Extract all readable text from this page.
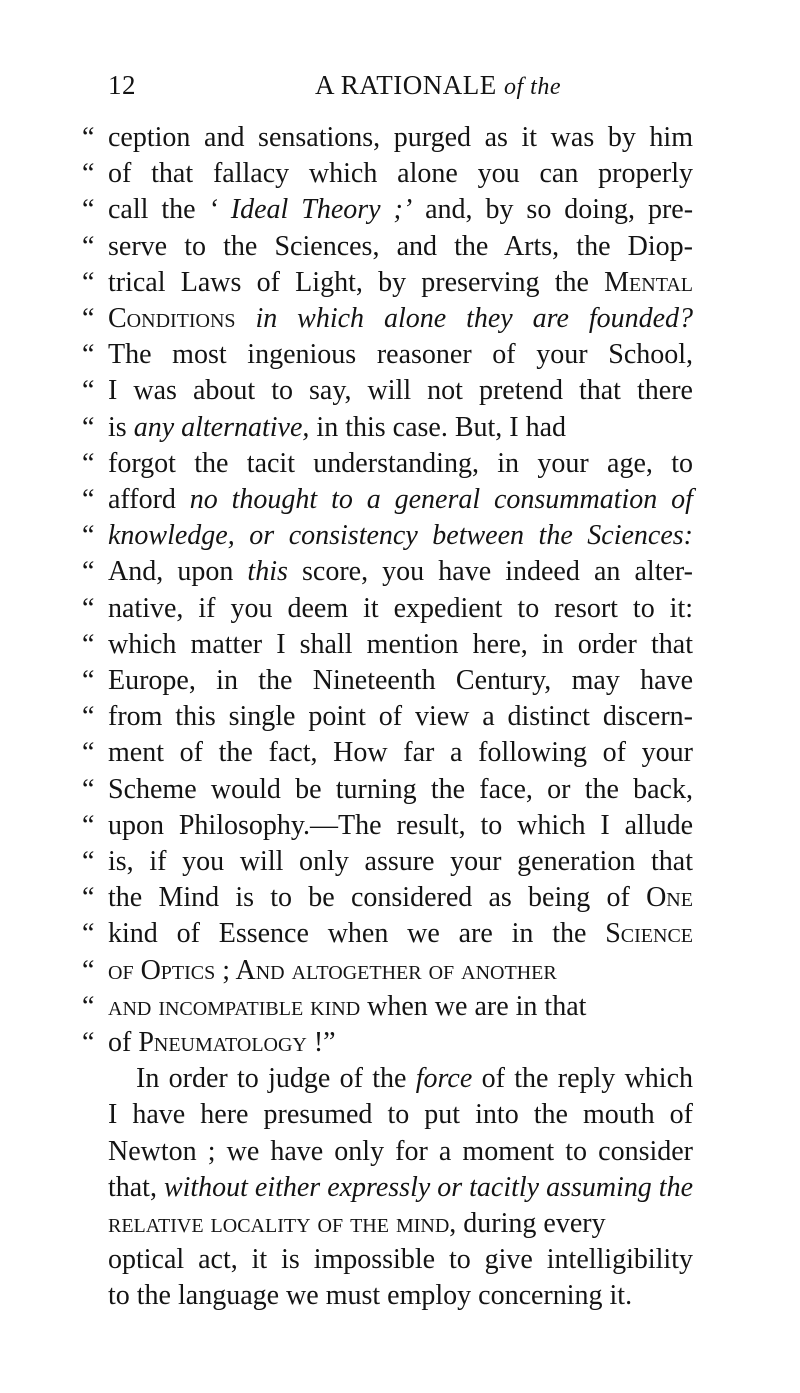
12	A RATIONALE of the
“ ception and sensations, purged as it was by him
“ of that fallacy which alone you can properly
“ call the ‘ Ideal Theory ;’ and, by so doing, pre-
“ serve to the Sciences, and the Arts, the Diop-
“ trical Laws of Light, by preserving the Mental
“ Conditions in which alone they are founded?
“ The most ingenious reasoner of your School,
“ I was about to say, will not pretend that there
“ is any alternative, in this case. But, I had
“ forgot the tacit understanding, in your age, to
“ afford no thought to a general consummation of
“ knowledge, or consistency between the Sciences:
“ And, upon this score, you have indeed an alter-
“ native, if you deem it expedient to resort to it:
“ which matter I shall mention here, in order that
“ Europe, in the Nineteenth Century, may have
“ from this single point of view a distinct discern-
“ ment of the fact, How far a following of your
“ Scheme would be turning the face, or the back,
“ upon Philosophy.—The result, to which I allude
“ is, if you will only assure your generation that
“ the Mind is to be considered as being of One
“ kind of Essence when we are in the Science
“ of Optics ; And altogether of another
“ and incompatible kind when we are in that
“ of Pneumatology !”
In order to judge of the force of the reply which
I have here presumed to put into the mouth of
Newton ; we have only for a moment to consider
that, without either expressly or tacitly assuming the
relative locality of the mind, during every
optical act, it is impossible to give intelligibility
to the language we must employ concerning it.
